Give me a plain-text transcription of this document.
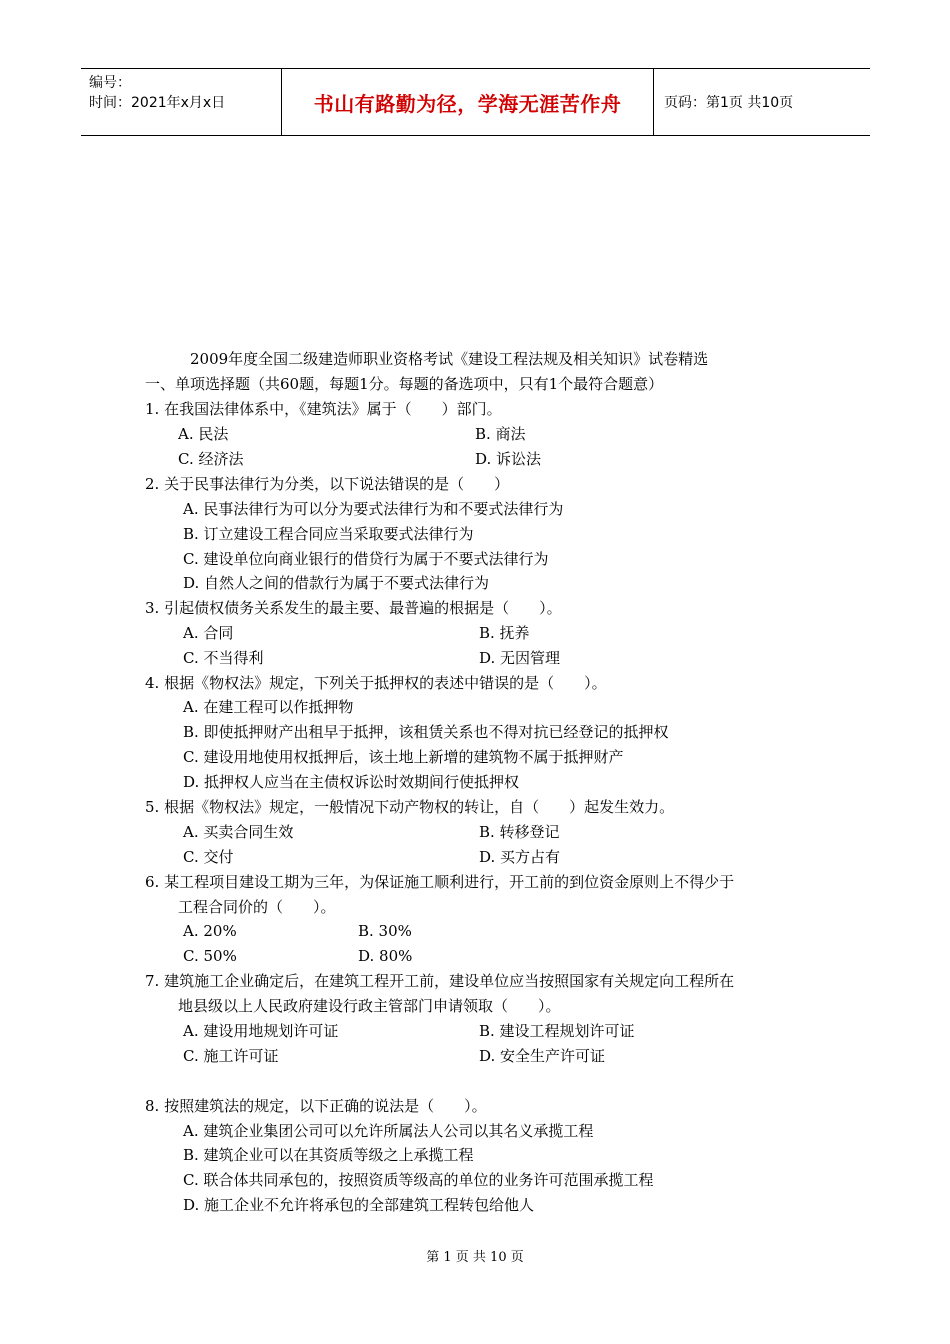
编号：
时间：2021年x月x日	书山有路勤为径，学海无涯苦作舟	页码：第1页 共10页
2009年度全国二级建造师职业资格考试《建设工程法规及相关知识》试卷精选
一、单项选择题（共60题，每题1分。每题的备选项中，只有1个最符合题意）
1. 在我国法律体系中，《建筑法》属于（　　）部门。
A. 民法	B. 商法
C. 经济法	D. 诉讼法
2. 关于民事法律行为分类，以下说法错误的是（　　）
A. 民事法律行为可以分为要式法律行为和不要式法律行为
B. 订立建设工程合同应当采取要式法律行为
C. 建设单位向商业银行的借贷行为属于不要式法律行为
D. 自然人之间的借款行为属于不要式法律行为
3. 引起债权债务关系发生的最主要、最普遍的根据是（　　）。
A. 合同	B. 抚养
C. 不当得利	D. 无因管理
4. 根据《物权法》规定，下列关于抵押权的表述中错误的是（　　）。
A. 在建工程可以作抵押物
B. 即使抵押财产出租早于抵押，该租赁关系也不得对抗已经登记的抵押权
C. 建设用地使用权抵押后，该土地上新增的建筑物不属于抵押财产
D. 抵押权人应当在主债权诉讼时效期间行使抵押权
5. 根据《物权法》规定，一般情况下动产物权的转让，自（　　）起发生效力。
A. 买卖合同生效	B. 转移登记
C. 交付	D. 买方占有
6. 某工程项目建设工期为三年，为保证施工顺利进行，开工前的到位资金原则上不得少于
工程合同价的（　　）。
A. 20%	B. 30%
C. 50%	D. 80%
7. 建筑施工企业确定后，在建筑工程开工前，建设单位应当按照国家有关规定向工程所在
地县级以上人民政府建设行政主管部门申请领取（　　）。
A. 建设用地规划许可证	B. 建设工程规划许可证
C. 施工许可证	D. 安全生产许可证
8. 按照建筑法的规定，以下正确的说法是（　　）。
A. 建筑企业集团公司可以允许所属法人公司以其名义承揽工程
B. 建筑企业可以在其资质等级之上承揽工程
C. 联合体共同承包的，按照资质等级高的单位的业务许可范围承揽工程
D. 施工企业不允许将承包的全部建筑工程转包给他人
第 1 页 共 10 页
